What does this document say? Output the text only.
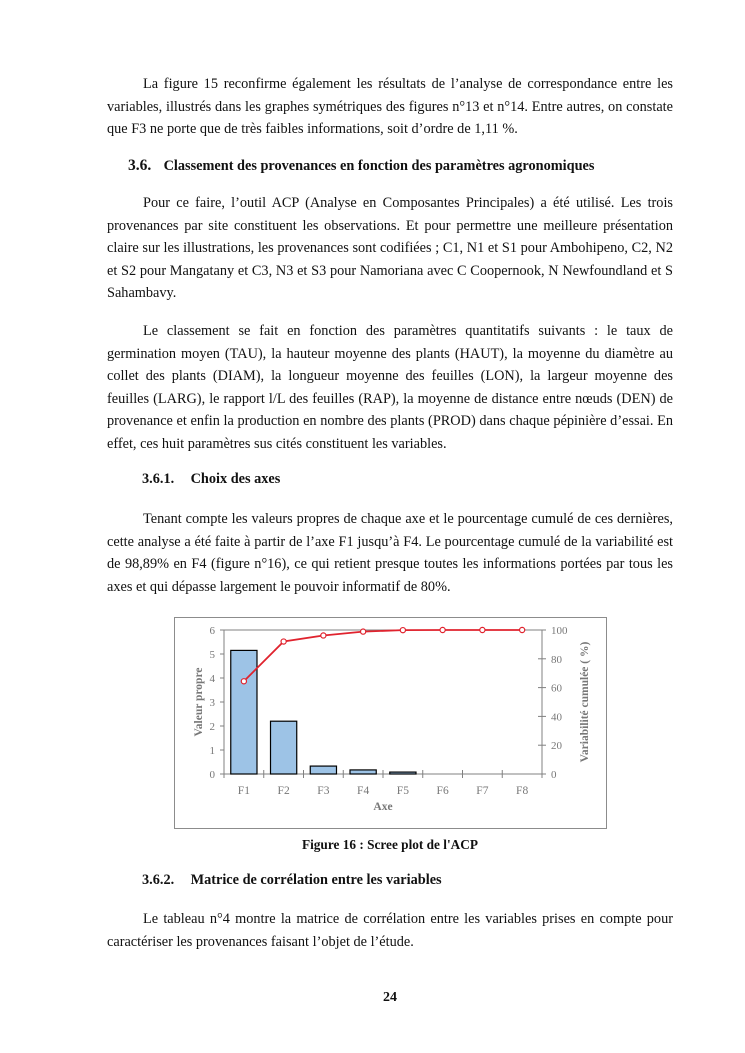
La figure 15 reconfirme également les résultats de l’analyse de correspondance entre les variables, illustrés dans les graphes symétriques des figures n°13 et n°14. Entre autres, on constate que F3 ne porte que de très faibles informations, soit d’ordre de 1,11 %.

3.6. Classement des provenances en fonction des paramètres agronomiques

Pour ce faire, l’outil ACP (Analyse en Composantes Principales) a été utilisé. Les trois provenances par site constituent les observations. Et pour permettre une meilleure présentation claire sur les illustrations, les provenances sont codifiées ; C1, N1 et S1 pour Ambohipeno, C2, N2 et S2 pour Mangatany et C3, N3 et S3 pour Namoriana avec C Coopernook, N Newfoundland et S Sahambavy.

Le classement se fait en fonction des paramètres quantitatifs suivants : le taux de germination moyen (TAU), la hauteur moyenne des plants (HAUT), la moyenne du diamètre au collet des plants (DIAM), la longueur moyenne des feuilles (LON), la largeur moyenne des feuilles (LARG), le rapport l/L des feuilles (RAP), la moyenne de distance entre nœuds (DEN) de provenance et enfin la production en nombre des plants (PROD) dans chaque pépinière d’essai. En effet, ces huit paramètres sus cités constituent les variables.

3.6.1. Choix des axes

Tenant compte les valeurs propres de chaque axe et le pourcentage cumulé de ces dernières, cette analyse a été faite à partir de l’axe F1 jusqu’à F4. Le pourcentage cumulé de la variabilité est de 98,89% en F4 (figure n°16), ce qui retient presque toutes les informations portées par tous les axes et qui dépasse largement le pouvoir informatif de 80%.

0
1
2
3
4
5
6
0
20
40
60
80
100
F1 F2 F3 F4 F5 F6 F7 F8
Axe
Valeur propre	Variabilité cumulée ( %)
Figure 16 : Scree plot de l'ACP
3.6.2. Matrice de corrélation entre les variables

Le tableau n°4 montre la matrice de corrélation entre les variables prises en compte pour caractériser les provenances faisant l’objet de l’étude.

24
